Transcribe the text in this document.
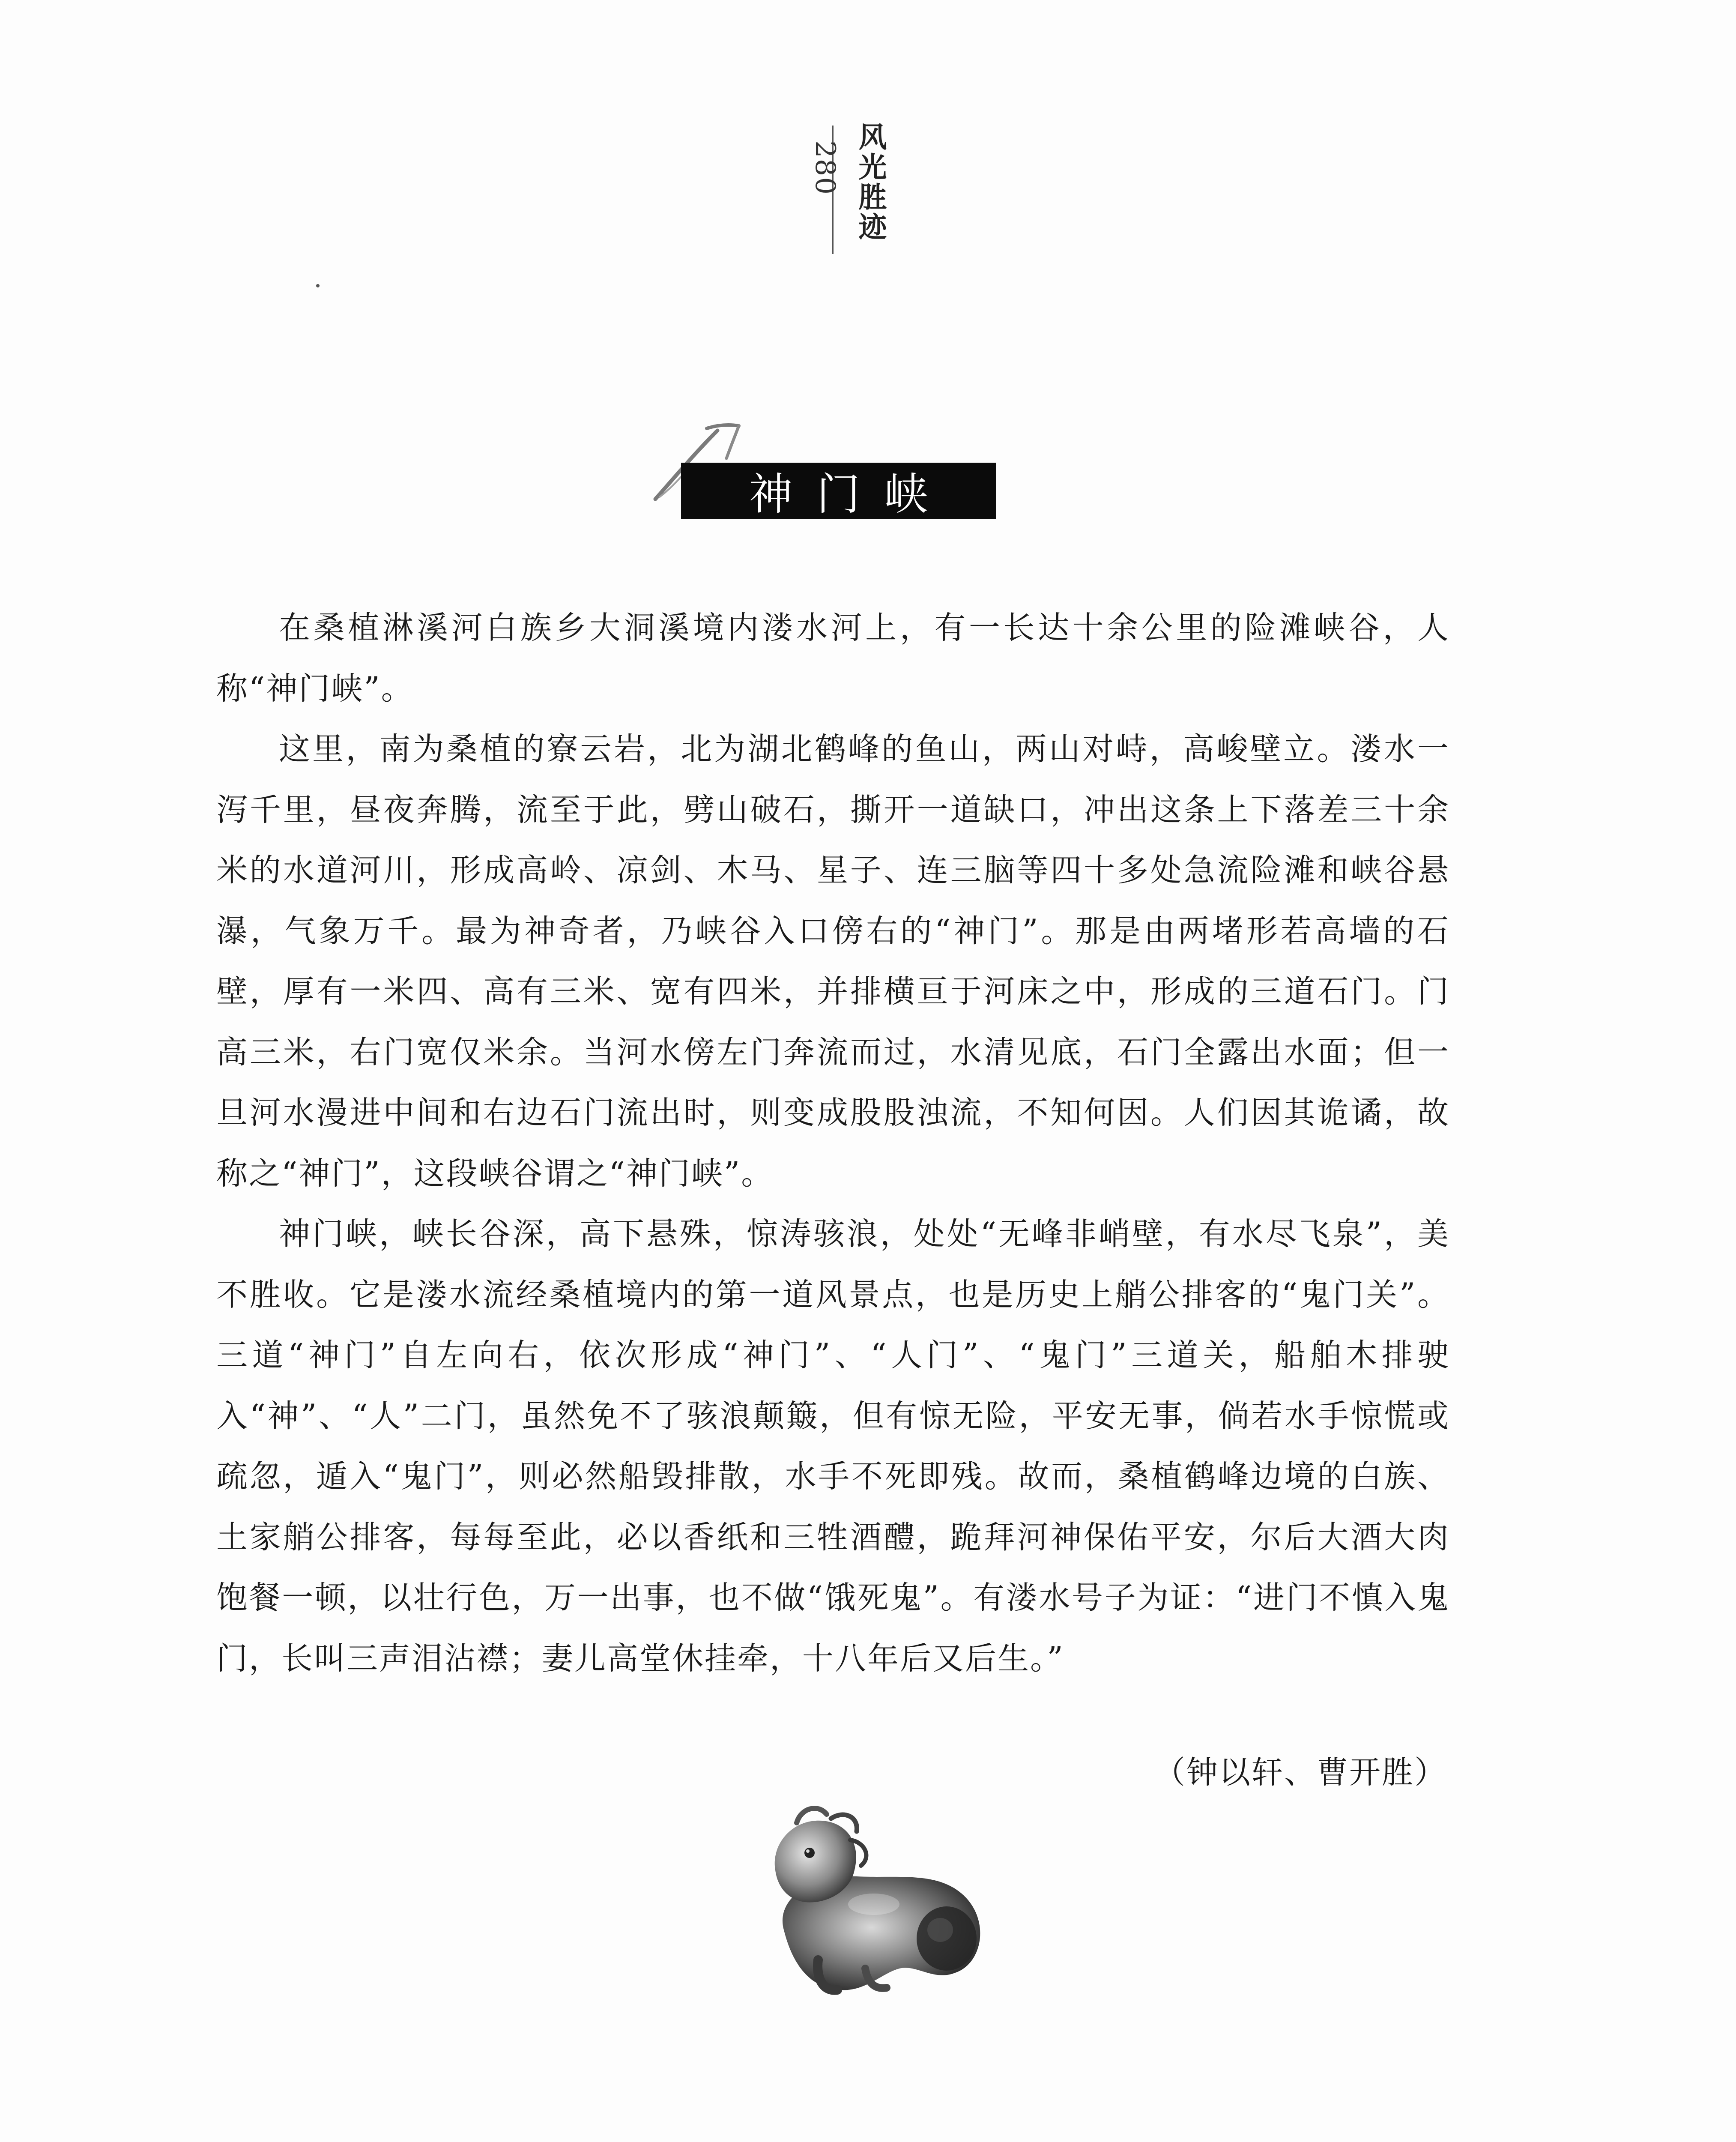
280 风光胜迹
神门峡

在桑植淋溪河白族乡大洞溪境内溇水河上，有一长达十余公里的险滩峡谷，人称“神门峡”。

这里，南为桑植的寮云岩，北为湖北鹤峰的鱼山，两山对峙，高峻壁立。溇水一泻千里，昼夜奔腾，流至于此，劈山破石，撕开一道缺口，冲出这条上下落差三十余米的水道河川，形成高岭、凉剑、木马、星子、连三脑等四十多处急流险滩和峡谷悬瀑，气象万千。最为神奇者，乃峡谷入口傍右的“神门”。那是由两堵形若高墙的石壁，厚有一米四、高有三米、宽有四米，并排横亘于河床之中，形成的三道石门。门高三米，右门宽仅米余。当河水傍左门奔流而过，水清见底，石门全露出水面；但一旦河水漫进中间和右边石门流出时，则变成股股浊流，不知何因。人们因其诡谲，故称之“神门”，这段峡谷谓之“神门峡”。

神门峡，峡长谷深，高下悬殊，惊涛骇浪，处处“无峰非峭壁，有水尽飞泉”，美不胜收。它是溇水流经桑植境内的第一道风景点，也是历史上艄公排客的“鬼门关”。三道“神门”自左向右，依次形成“神门”、“人门”、“鬼门”三道关，船舶木排驶入“神”、“人”二门，虽然免不了骇浪颠簸，但有惊无险，平安无事，倘若水手惊慌或疏忽，遁入“鬼门”，则必然船毁排散，水手不死即残。故而，桑植鹤峰边境的白族、土家艄公排客，每每至此，必以香纸和三牲酒醴，跪拜河神保佑平安，尔后大酒大肉饱餐一顿，以壮行色，万一出事，也不做“饿死鬼”。有溇水号子为证：“进门不慎入鬼门，长叫三声泪沾襟；妻儿高堂休挂牵，十八年后又后生。”

（钟以轩、曹开胜）
